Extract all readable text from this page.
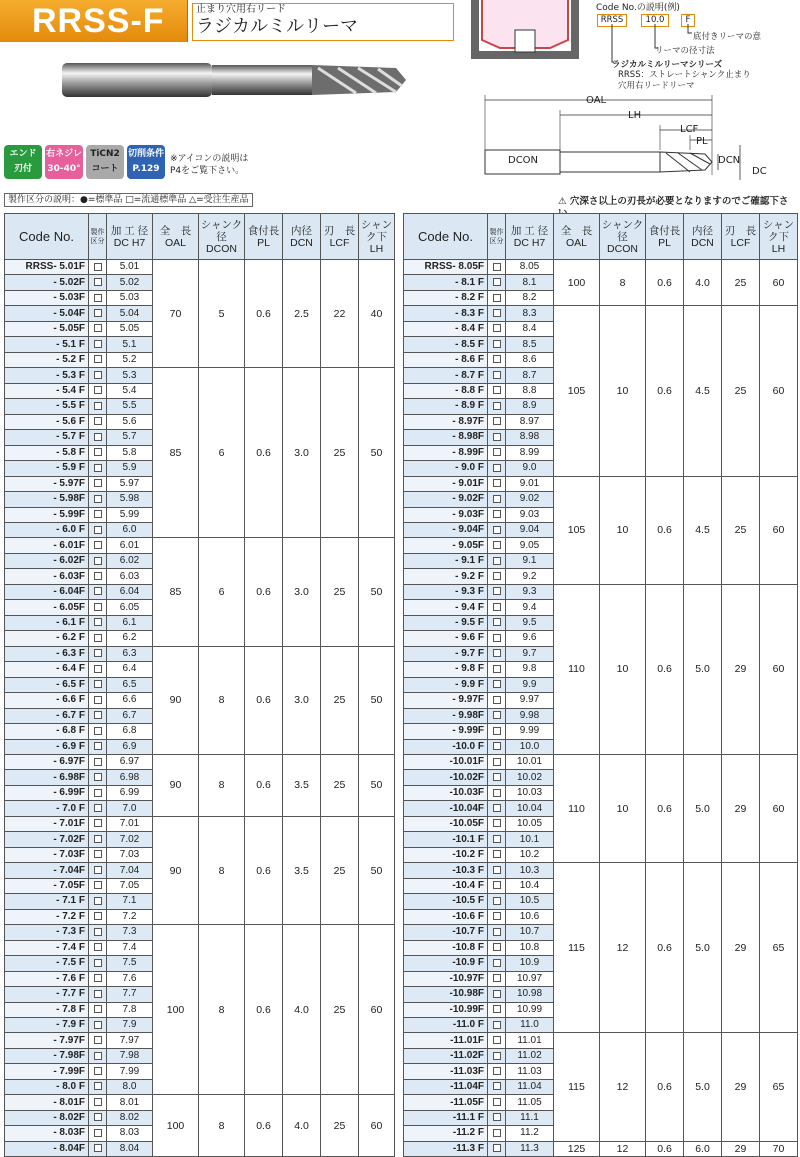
RRSS-F	止まり穴用右リード
ラジカルミルリーマ
エンド
刃付
右ネジレ
30-40°
TiCN2
コート
切削条件
P.129
※アイコンの説明は
P4をご覧下さい。
Code No.の説明(例)
RRSS	10.0	F
底付きリーマの意
リーマの径寸法
ラジカルミルリーマシリーズ
RRSS：ストレートシャンク止まり穴用右リードリーマ
OAL
LH
LCF
PL
DCON	DCN
DC
製作区分の説明：●=標準品 □=流通標準品 △=受注生産品	⚠ 穴深さ以上の刃長が必要となりますのでご確認下さ
Code No.	製作
区分	加 工 径
DC H7	全　長
OAL	シャンク径
DCON	食付長
PL	内径
DCN	刃　長
LCF	シャンク下
LH
RRSS- 5.01F		5.01	70	5	0.6	2.5	22	40
- 5.02F		5.02						
- 5.03F		5.03						
- 5.04F		5.04						
- 5.05F		5.05						
- 5.1 F		5.1						
- 5.2 F		5.2						
- 5.3 F		5.3	85	6	0.6	3.0	25	50
- 5.4 F		5.4						
- 5.5 F		5.5						
- 5.6 F		5.6						
- 5.7 F		5.7						
- 5.8 F		5.8						
- 5.9 F		5.9						
- 5.97F		5.97						
- 5.98F		5.98						
- 5.99F		5.99						
- 6.0 F		6.0						
- 6.01F		6.01	85	6	0.6	3.0	25	50
- 6.02F		6.02						
- 6.03F		6.03						
- 6.04F		6.04						
- 6.05F		6.05						
- 6.1 F		6.1						
- 6.2 F		6.2						
- 6.3 F		6.3	90	8	0.6	3.0	25	50
- 6.4 F		6.4						
- 6.5 F		6.5						
- 6.6 F		6.6						
- 6.7 F		6.7						
- 6.8 F		6.8						
- 6.9 F		6.9						
- 6.97F		6.97	90	8	0.6	3.5	25	50
- 6.98F		6.98						
- 6.99F		6.99						
- 7.0 F		7.0						
- 7.01F		7.01	90	8	0.6	3.5	25	50
- 7.02F		7.02						
- 7.03F		7.03						
- 7.04F		7.04						
- 7.05F		7.05						
- 7.1 F		7.1						
- 7.2 F		7.2						
- 7.3 F		7.3	100	8	0.6	4.0	25	60
- 7.4 F		7.4						
- 7.5 F		7.5						
- 7.6 F		7.6						
- 7.7 F		7.7						
- 7.8 F		7.8						
- 7.9 F		7.9						
- 7.97F		7.97						
- 7.98F		7.98						
- 7.99F		7.99						
- 8.0 F		8.0						
- 8.01F		8.01	100	8	0.6	4.0	25	60
- 8.02F		8.02						
- 8.03F		8.03						
- 8.04F		8.04						
Code No.	製作
区分	加 工 径
DC H7	全　長
OAL	シャンク径
DCON	食付長
PL	内径
DCN	刃　長
LCF	シャンク下
LH
RRSS- 8.05F		8.05	100	8	0.6	4.0	25	60
- 8.1 F		8.1						
- 8.2 F		8.2						
- 8.3 F		8.3	105	10	0.6	4.5	25	60
- 8.4 F		8.4						
- 8.5 F		8.5						
- 8.6 F		8.6						
- 8.7 F		8.7						
- 8.8 F		8.8						
- 8.9 F		8.9						
- 8.97F		8.97						
- 8.98F		8.98						
- 8.99F		8.99						
- 9.0 F		9.0						
- 9.01F		9.01	105	10	0.6	4.5	25	60
- 9.02F		9.02						
- 9.03F		9.03						
- 9.04F		9.04						
- 9.05F		9.05						
- 9.1 F		9.1						
- 9.2 F		9.2						
- 9.3 F		9.3	110	10	0.6	5.0	29	60
- 9.4 F		9.4						
- 9.5 F		9.5						
- 9.6 F		9.6						
- 9.7 F		9.7						
- 9.8 F		9.8						
- 9.9 F		9.9						
- 9.97F		9.97						
- 9.98F		9.98						
- 9.99F		9.99						
-10.0 F		10.0						
-10.01F		10.01	110	10	0.6	5.0	29	60
-10.02F		10.02						
-10.03F		10.03						
-10.04F		10.04						
-10.05F		10.05						
-10.1 F		10.1						
-10.2 F		10.2						
-10.3 F		10.3	115	12	0.6	5.0	29	65
-10.4 F		10.4						
-10.5 F		10.5						
-10.6 F		10.6						
-10.7 F		10.7						
-10.8 F		10.8						
-10.9 F		10.9						
-10.97F		10.97						
-10.98F		10.98						
-10.99F		10.99						
-11.0 F		11.0						
-11.01F		11.01	115	12	0.6	5.0	29	65
-11.02F		11.02						
-11.03F		11.03						
-11.04F		11.04						
-11.05F		11.05						
-11.1 F		11.1						
-11.2 F		11.2						
-11.3 F		11.3	125	12	0.6	6.0	29	70
